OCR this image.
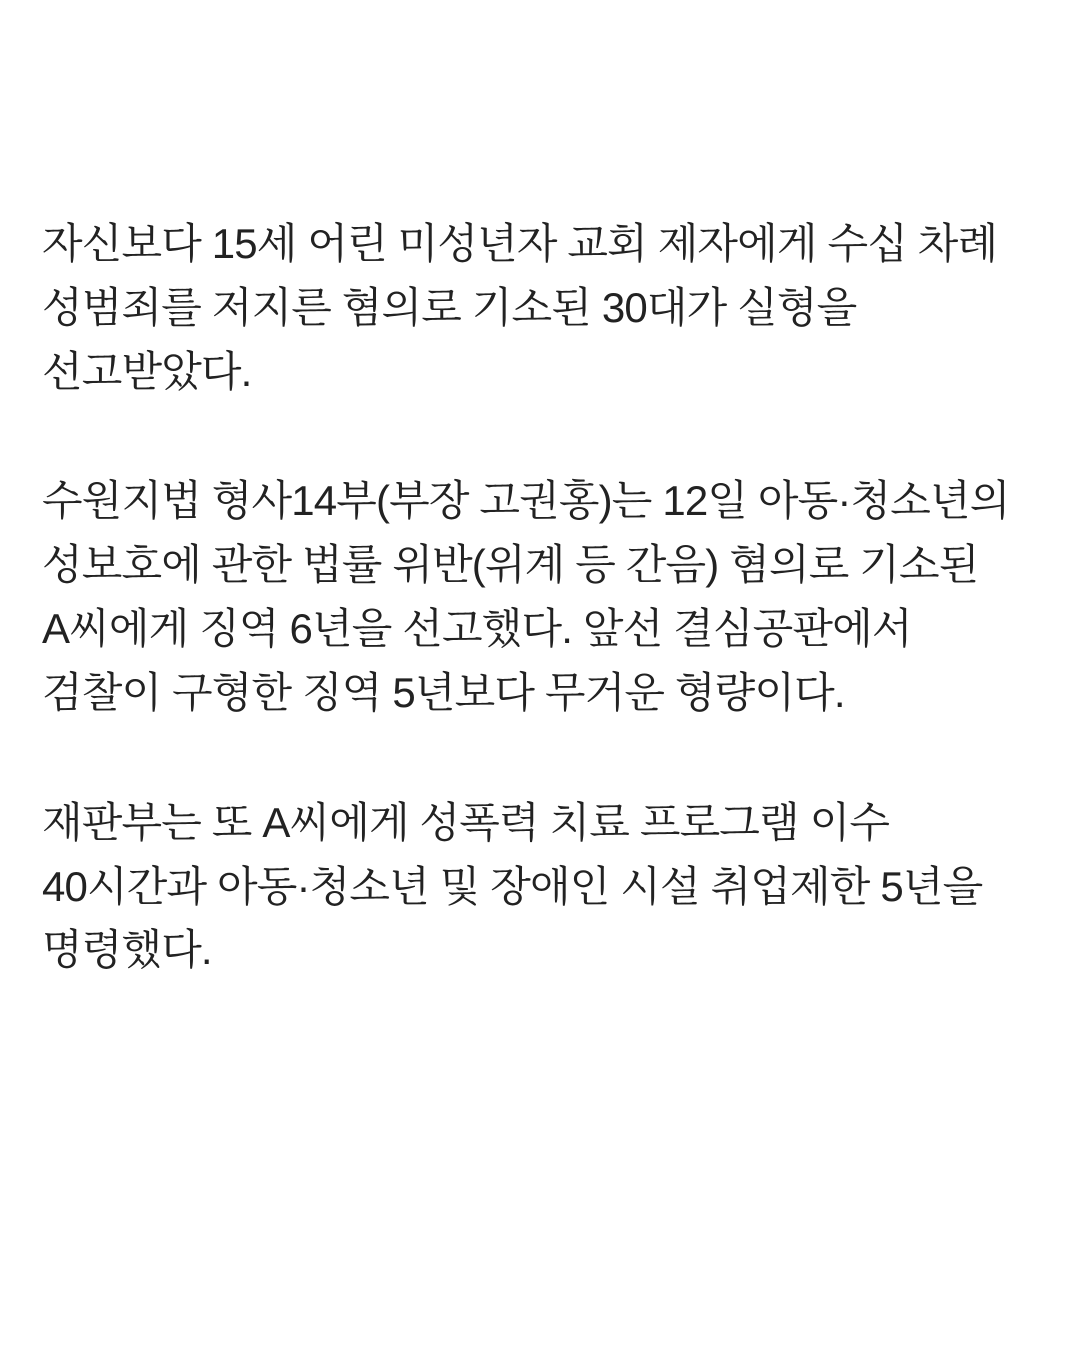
자신보다 15세 어린 미성년자 교회 제자에게 수십 차례 성범죄를 저지른 혐의로 기소된 30대가 실형을 선고받았다.

수원지법 형사14부(부장 고권홍)는 12일 아동·청소년의 성보호에 관한 법률 위반(위계 등 간음) 혐의로 기소된 A씨에게 징역 6년을 선고했다. 앞선 결심공판에서 검찰이 구형한 징역 5년보다 무거운 형량이다.

재판부는 또 A씨에게 성폭력 치료 프로그램 이수 40시간과 아동·청소년 및 장애인 시설 취업제한 5년을 명령했다.
